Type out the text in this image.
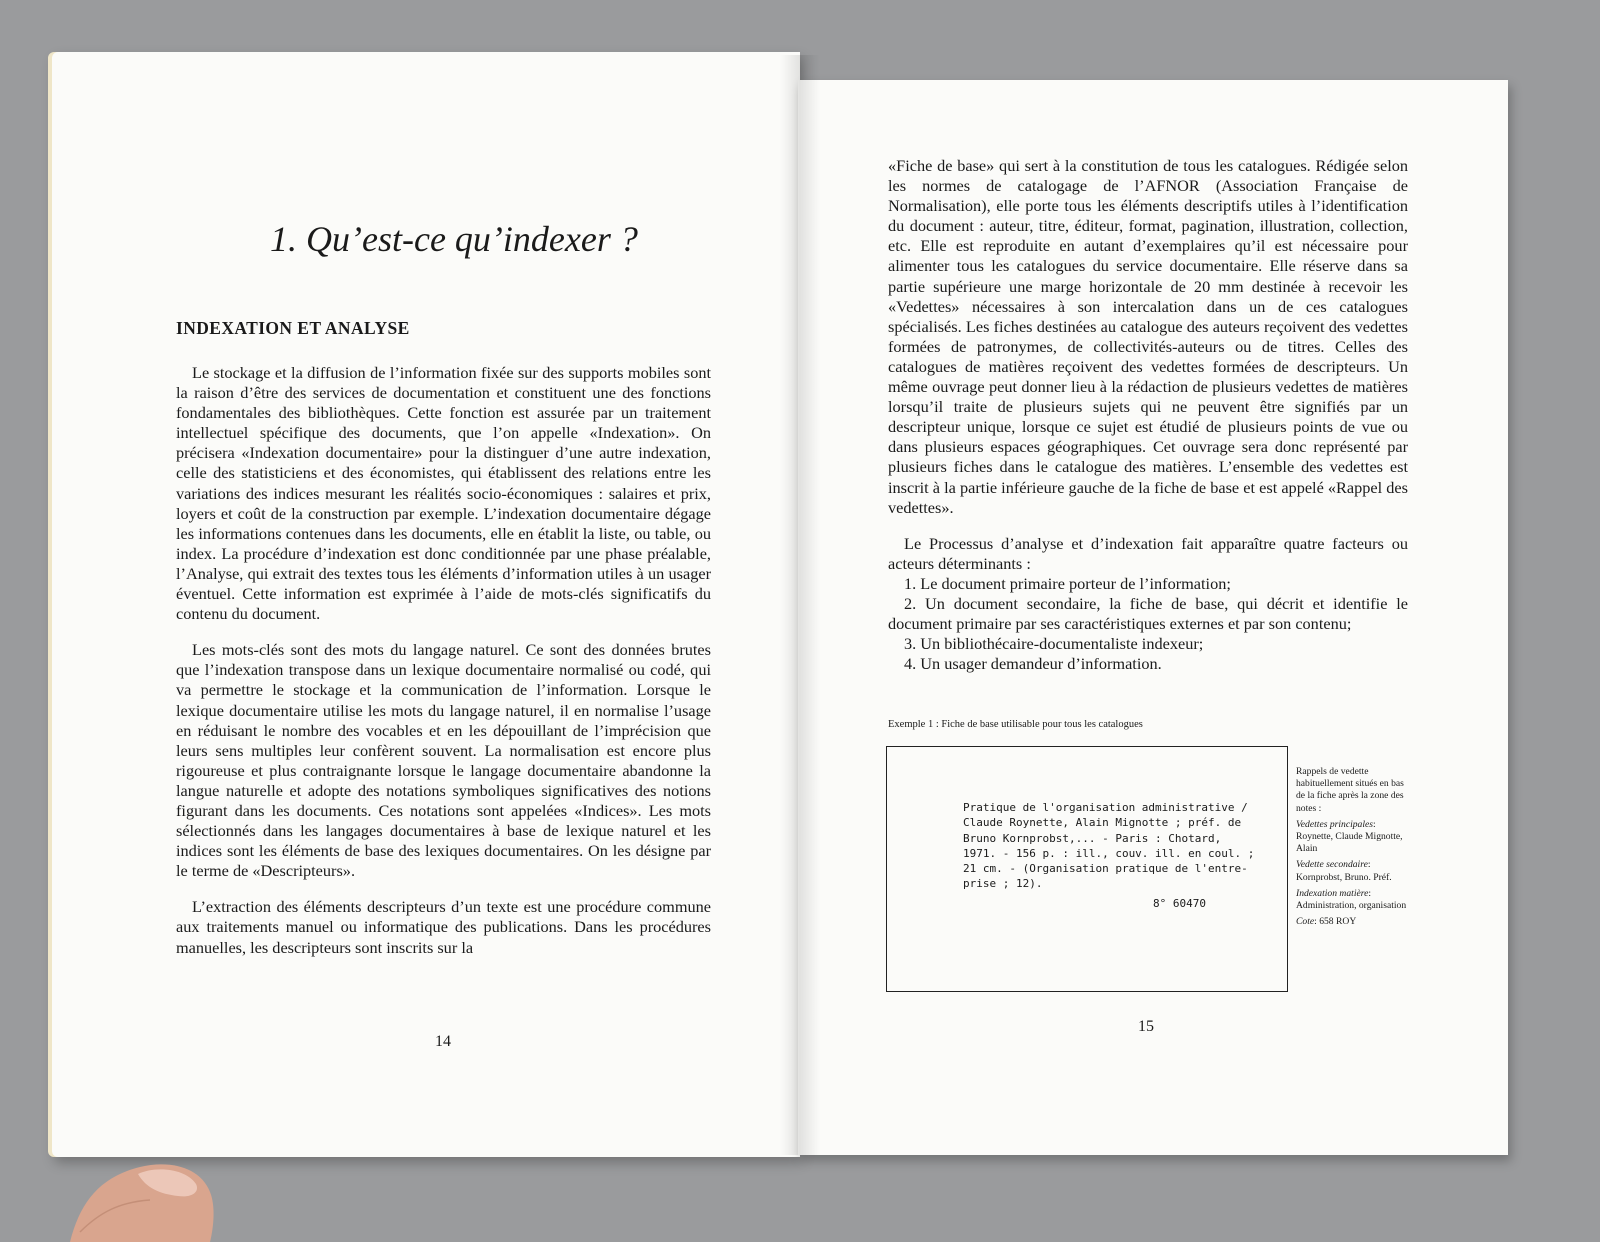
1. Qu’est-ce qu’indexer ?
INDEXATION ET ANALYSE

Le stockage et la diffusion de l’information fixée sur des supports mobiles sont la raison d’être des services de documentation et constituent une des fonctions fondamentales des bibliothèques. Cette fonction est assurée par un traitement intellectuel spécifique des documents, que l’on appelle «Indexation». On précisera «Indexation documentaire» pour la distinguer d’une autre indexation, celle des statisticiens et des économistes, qui établissent des relations entre les variations des indices mesurant les réalités socio-économiques : salaires et prix, loyers et coût de la construction par exemple. L’indexation documentaire dégage les informations contenues dans les documents, elle en établit la liste, ou table, ou index. La procédure d’indexation est donc conditionnée par une phase préalable, l’Analyse, qui extrait des textes tous les éléments d’information utiles à un usager éventuel. Cette information est exprimée à l’aide de mots-clés significatifs du contenu du document.

Les mots-clés sont des mots du langage naturel. Ce sont des données brutes que l’indexation transpose dans un lexique documentaire normalisé ou codé, qui va permettre le stockage et la communication de l’information. Lorsque le lexique documentaire utilise les mots du langage naturel, il en normalise l’usage en réduisant le nombre des vocables et en les dépouillant de l’imprécision que leurs sens multiples leur confèrent souvent. La normalisation est encore plus rigoureuse et plus contraignante lorsque le langage documentaire abandonne la langue naturelle et adopte des notations symboliques significatives des notions figurant dans les documents. Ces notations sont appelées «Indices». Les mots sélectionnés dans les langages documentaires à base de lexique naturel et les indices sont les éléments de base des lexiques documentaires. On les désigne par le terme de «Descripteurs».

L’extraction des éléments descripteurs d’un texte est une procédure commune aux traitements manuel ou informatique des publications. Dans les procédures manuelles, les descripteurs sont inscrits sur la

14

«Fiche de base» qui sert à la constitution de tous les catalogues. Rédigée selon les normes de catalogage de l’AFNOR (Association Française de Normalisation), elle porte tous les éléments descriptifs utiles à l’identification du document : auteur, titre, éditeur, format, pagination, illustration, collection, etc. Elle est reproduite en autant d’exemplaires qu’il est nécessaire pour alimenter tous les catalogues du service documentaire. Elle réserve dans sa partie supérieure une marge horizontale de 20 mm destinée à recevoir les «Vedettes» nécessaires à son intercalation dans un de ces catalogues spécialisés. Les fiches destinées au catalogue des auteurs reçoivent des vedettes formées de patronymes, de collectivités-auteurs ou de titres. Celles des catalogues de matières reçoivent des vedettes formées de descripteurs. Un même ouvrage peut donner lieu à la rédaction de plusieurs vedettes de matières lorsqu’il traite de plusieurs sujets qui ne peuvent être signifiés par un descripteur unique, lorsque ce sujet est étudié de plusieurs points de vue ou dans plusieurs espaces géographiques. Cet ouvrage sera donc représenté par plusieurs fiches dans le catalogue des matières. L’ensemble des vedettes est inscrit à la partie inférieure gauche de la fiche de base et est appelé «Rappel des vedettes».

Le Processus d’analyse et d’indexation fait apparaître quatre facteurs ou acteurs déterminants :

1. Le document primaire porteur de l’information;

2. Un document secondaire, la fiche de base, qui décrit et identifie le document primaire par ses caractéristiques externes et par son contenu;

3. Un bibliothécaire-documentaliste indexeur;

4. Un usager demandeur d’information.

Exemple 1 : Fiche de base utilisable pour tous les catalogues
Pratique de l'organisation administrative /
Claude Roynette, Alain Mignotte ; préf. de
Bruno Kornprobst,... - Paris : Chotard,
1971. - 156 p. : ill., couv. ill. en coul. ;
21 cm. - (Organisation pratique de l'entre-
prise ; 12).
8° 60470

Rappels de vedette habituellement situés en bas de la fiche après la zone des notes :

Vedettes principales:
Roynette, Claude Mignotte, Alain

Vedette secondaire:
Kornprobst, Bruno. Préf.

Indexation matière:
Administration, organisation

Cote: 658 ROY

15
